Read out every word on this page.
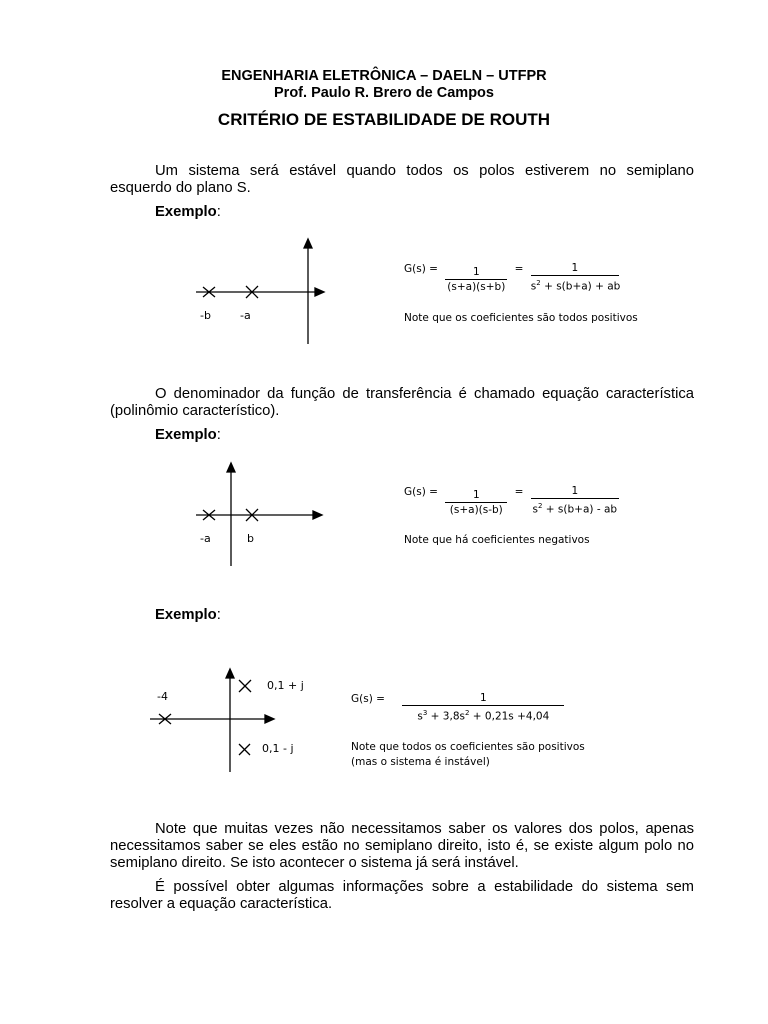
ENGENHARIA ELETRÔNICA – DAELN – UTFPR
Prof. Paulo R. Brero de Campos
CRITÉRIO DE ESTABILIDADE DE ROUTH
Um sistema será estável quando todos os polos estiverem no semiplano esquerdo do plano S.
Exemplo:
-b	-a
$G(s) = \frac{1}{(s+a)(s+b)} = \frac{1}{s^2 + s(b+a) + ab}$
Note que os coeficientes são todos positivos
O denominador da função de transferência é chamado equação característica (polinômio característico).
Exemplo:
-a	b
$G(s) = \frac{1}{(s+a)(s-b)} = \frac{1}{s^2 + s(b+a) - ab}$
Note que há coeficientes negativos
Exemplo:
-4
0,1 + j
0,1 - j
$G(s) = \frac{1}{s^3 + 3,8s^2 + 0,21s +4,04}$
Note que todos os coeficientes são positivos
(mas o sistema é instável)
Note que muitas vezes não necessitamos saber os valores dos polos, apenas necessitamos saber se eles estão no semiplano direito, isto é, se existe algum polo no semiplano direito. Se isto acontecer o sistema já será instável.
É possível obter algumas informações sobre a estabilidade do sistema sem resolver a equação característica.
